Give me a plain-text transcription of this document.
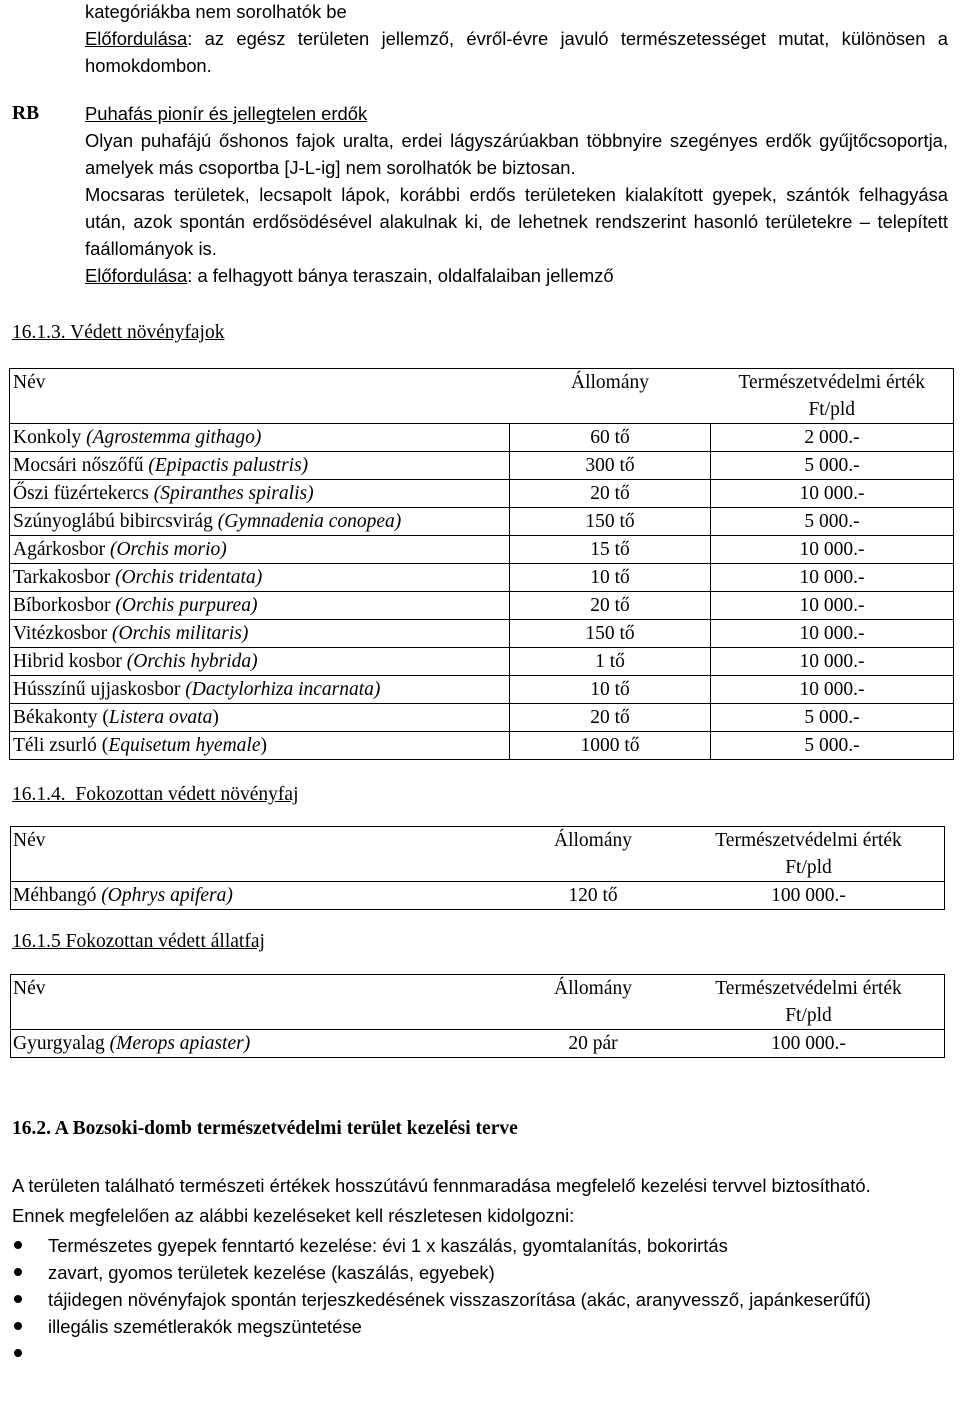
kategóriákba nem sorolhatók be
Előfordulása: az egész területen jellemző, évről-évre javuló természetességet mutat, különösen a homokdombon.
RB Puhafás pionír és jellegtelen erdők
Olyan puhafájú őshonos fajok uralta, erdei lágyszárúakban többnyire szegényes erdők gyűjtőcsoportja, amelyek más csoportba [J-L-ig] nem sorolhatók be biztosan.
Mocsaras területek, lecsapolt lápok, korábbi erdős területeken kialakított gyepek, szántók felhagyása után, azok spontán erdősödésével alakulnak ki, de lehetnek rendszerint hasonló területekre – telepített faállományok is.
Előfordulása: a felhagyott bánya teraszain, oldalfalaiban jellemző
16.1.3. Védett növényfajok
Név	Állomány	Természetvédelmi érték
Ft/pld
Konkoly (Agrostemma githago)	60 tő	2 000.-
Mocsári nőszőfű (Epipactis palustris)	300 tő	5 000.-
Őszi füzértekercs (Spiranthes spiralis)	20 tő	10 000.-
Szúnyoglábú bibircsvirág (Gymnadenia conopea)	150 tő	5 000.-
Agárkosbor (Orchis morio)	15 tő	10 000.-
Tarkakosbor (Orchis tridentata)	10 tő	10 000.-
Bíborkosbor (Orchis purpurea)	20 tő	10 000.-
Vitézkosbor (Orchis militaris)	150 tő	10 000.-
Hibrid kosbor (Orchis hybrida)	1 tő	10 000.-
Hússzínű ujjaskosbor (Dactylorhiza incarnata)	10 tő	10 000.-
Békakonty (Listera ovata)	20 tő	5 000.-
Téli zsurló (Equisetum hyemale)	1000 tő	5 000.-
16.1.4.  Fokozottan védett növényfaj
Név	Állomány	Természetvédelmi érték
Ft/pld
Méhbangó (Ophrys apifera)	120 tő	100 000.-
16.1.5 Fokozottan védett állatfaj
Név	Állomány	Természetvédelmi érték
Ft/pld
Gyurgyalag (Merops apiaster)	20 pár	100 000.-
16.2. A Bozsoki-domb természetvédelmi terület kezelési terve
A területen található természeti értékek hosszútávú fennmaradása megfelelő kezelési tervvel biztosítható.
Ennek megfelelően az alábbi kezeléseket kell részletesen kidolgozni:
Természetes gyepek fenntartó kezelése: évi 1 x kaszálás, gyomtalanítás, bokorirtás
zavart, gyomos területek kezelése (kaszálás, egyebek)
tájidegen növényfajok spontán terjeszkedésének visszaszorítása (akác, aranyvessző, japánkeserűfű)
illegális szemétlerakók megszüntetése
